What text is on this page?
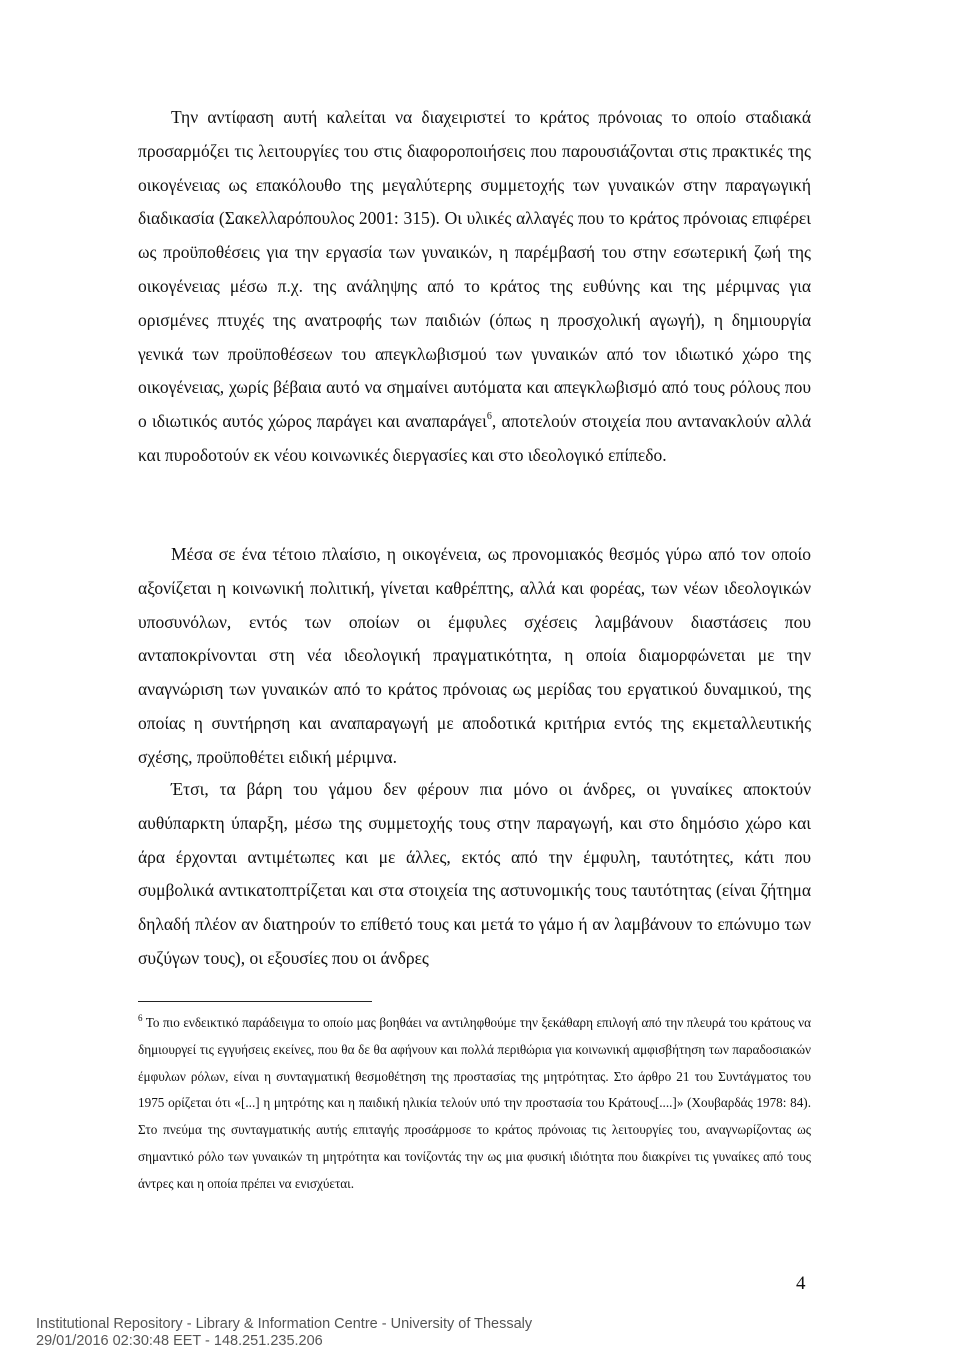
Την αντίφαση αυτή καλείται να διαχειριστεί το κράτος πρόνοιας το οποίο σταδιακά προσαρμόζει τις λειτουργίες του στις διαφοροποιήσεις που παρουσιάζονται στις πρακτικές της οικογένειας ως επακόλουθο της μεγαλύτερης συμμετοχής των γυναικών στην παραγωγική διαδικασία (Σακελλαρόπουλος 2001: 315). Οι υλικές αλλαγές που το κράτος πρόνοιας επιφέρει ως προϋποθέσεις για την εργασία των γυναικών, η παρέμβασή του στην εσωτερική ζωή της οικογένειας μέσω π.χ. της ανάληψης από το κράτος της ευθύνης και της μέριμνας για ορισμένες πτυχές της ανατροφής των παιδιών (όπως η προσχολική αγωγή), η δημιουργία γενικά των προϋποθέσεων του απεγκλωβισμού των γυναικών από τον ιδιωτικό χώρο της οικογένειας, χωρίς βέβαια αυτό να σημαίνει αυτόματα και απεγκλωβισμό από τους ρόλους που ο ιδιωτικός αυτός χώρος παράγει και αναπαράγει$^6$, αποτελούν στοιχεία που αντανακλούν αλλά και πυροδοτούν εκ νέου κοινωνικές διεργασίες και στο ιδεολογικό επίπεδο.

Μέσα σε ένα τέτοιο πλαίσιο, η οικογένεια, ως προνομιακός θεσμός γύρω από τον οποίο αξονίζεται η κοινωνική πολιτική, γίνεται καθρέπτης, αλλά και φορέας, των νέων ιδεολογικών υποσυνόλων, εντός των οποίων οι έμφυλες σχέσεις λαμβάνουν διαστάσεις που ανταποκρίνονται στη νέα ιδεολογική πραγματικότητα, η οποία διαμορφώνεται με την αναγνώριση των γυναικών από το κράτος πρόνοιας ως μερίδας του εργατικού δυναμικού, της οποίας η συντήρηση και αναπαραγωγή με αποδοτικά κριτήρια εντός της εκμεταλλευτικής σχέσης, προϋποθέτει ειδική μέριμνα.

Έτσι, τα βάρη του γάμου δεν φέρουν πια μόνο οι άνδρες, οι γυναίκες αποκτούν αυθύπαρκτη ύπαρξη, μέσω της συμμετοχής τους στην παραγωγή, και στο δημόσιο χώρο και άρα έρχονται αντιμέτωπες και με άλλες, εκτός από την έμφυλη, ταυτότητες, κάτι που συμβολικά αντικατοπτρίζεται και στα στοιχεία της αστυνομικής τους ταυτότητας (είναι ζήτημα δηλαδή πλέον αν διατηρούν το επίθετό τους και μετά το γάμο ή αν λαμβάνουν το επώνυμο των συζύγων τους), οι εξουσίες που οι άνδρες

$^6$ Το πιο ενδεικτικό παράδειγμα το οποίο μας βοηθάει να αντιληφθούμε την ξεκάθαρη επιλογή από την πλευρά του κράτους να δημιουργεί τις εγγυήσεις εκείνες, που θα δε θα αφήνουν και πολλά περιθώρια για κοινωνική αμφισβήτηση των παραδοσιακών έμφυλων ρόλων, είναι η συνταγματική θεσμοθέτηση της προστασίας της μητρότητας. Στο άρθρο 21 του Συντάγματος του 1975 ορίζεται ότι «[...] η μητρότης και η παιδική ηλικία τελούν υπό την προστασία του Κράτους[....]» (Χουβαρδάς 1978: 84). Στο πνεύμα της συνταγματικής αυτής επιταγής προσάρμοσε το κράτος πρόνοιας τις λειτουργίες του, αναγνωρίζοντας ως σημαντικό ρόλο των γυναικών τη μητρότητα και τονίζοντάς την ως μια φυσική ιδιότητα που διακρίνει τις γυναίκες από τους άντρες και η οποία πρέπει να ενισχύεται.

4
Institutional Repository - Library & Information Centre - University of Thessaly
29/01/2016 02:30:48 EET - 148.251.235.206
